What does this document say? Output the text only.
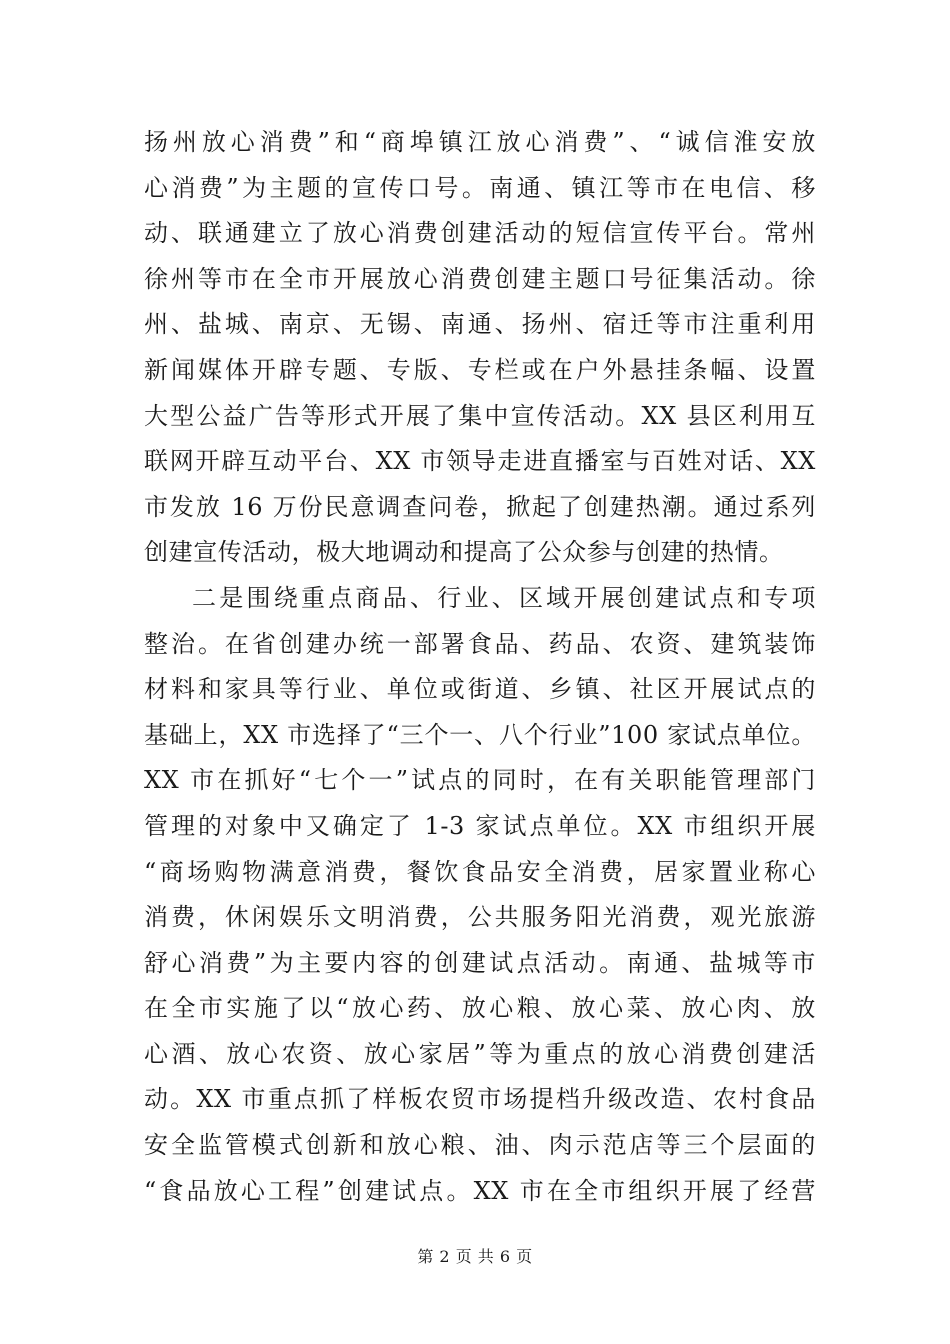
扬州放心消费”和“商埠镇江放心消费”、“诚信淮安放
心消费”为主题的宣传口号。南通、镇江等市在电信、移
动、联通建立了放心消费创建活动的短信宣传平台。常州
徐州等市在全市开展放心消费创建主题口号征集活动。徐
州、盐城、南京、无锡、南通、扬州、宿迁等市注重利用
新闻媒体开辟专题、专版、专栏或在户外悬挂条幅、设置
大型公益广告等形式开展了集中宣传活动。XX 县区利用互
联网开辟互动平台、XX 市领导走进直播室与百姓对话、XX
市发放 16 万份民意调查问卷，掀起了创建热潮。通过系列
创建宣传活动，极大地调动和提高了公众参与创建的热情。
二是围绕重点商品、行业、区域开展创建试点和专项
整治。在省创建办统一部署食品、药品、农资、建筑装饰
材料和家具等行业、单位或街道、乡镇、社区开展试点的
基础上，XX 市选择了“三个一、八个行业”100 家试点单位。
XX 市在抓好“七个一”试点的同时，在有关职能管理部门
管理的对象中又确定了 1-3 家试点单位。XX 市组织开展
“商场购物满意消费，餐饮食品安全消费，居家置业称心
消费，休闲娱乐文明消费，公共服务阳光消费，观光旅游
舒心消费”为主要内容的创建试点活动。南通、盐城等市
在全市实施了以“放心药、放心粮、放心菜、放心肉、放
心酒、放心农资、放心家居”等为重点的放心消费创建活
动。XX 市重点抓了样板农贸市场提档升级改造、农村食品
安全监管模式创新和放心粮、油、肉示范店等三个层面的
“食品放心工程”创建试点。XX 市在全市组织开展了经营
第 2 页 共 6 页
